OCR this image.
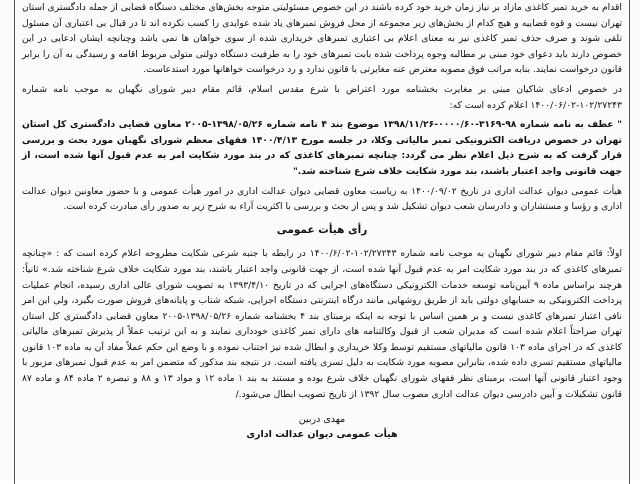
اقدام به خرید تمبر کاغذی مازاد بر نیاز زمان خرید خود کرده باشند در این خصوص مسئولیتی متوجه بخش‌های مختلف دستگاه قضایی از جمله دادگستری استان تهران نیست و قوه قضاییه و هیچ کدام از بخش‌های زیر مجموعه از محل فروش تمبرهای یاد شده عوایدی را کسب نکرده اند تا در قبال بی اعتباری آن مسئول تلقی شوند و صرف حذف تمبر کاغذی نیز به معنای اعلام بی اعتباری تمبرهای خریداری شده از سوی خواهان ها نمی باشد وچنانچه ایشان ادعایی در این خصوص دارند باید دعوای خود مبنی بر مطالبه وجوه پرداخت شده بابت تمبرهای خود را به طرفیت دستگاه دولتی متولی مربوط اقامه و رسیدگی به آن را برابر قانون درخواست نمایند. بنابه مراتب فوق مصوبه معترض عنه مغایرتی با قانون ندارد و رد درخواست خواهانها مورد استدعاست.

در خصوص ادعای شاکیان مبنی بر مغایرت بخشنامه مورد اعتراض با شرع مقدس اسلام، قائم مقام دبیر شورای نگهبان به موجب نامه شماره ۱۰۲/۲۷۲۴۳-۱۴۰۰/۰۶/۰۲ اعلام کرده است که:

" عطف به نامه شماره ۹۸-۳۱۶۹-۰۰۰۰/۶۰-۱۳۹۸/۱۱/۲۶ موضوع بند ۴ نامه شماره ۱۳۹۸/۰۵/۲۶-۲۰۰۵ معاون قضایی دادگستری کل استان تهران در خصوص دریافت الکترونیکی تمبر مالیاتی وکلا، در جلسه مورخ ۱۴۰۰/۴/۱۳ فقهای معظم شورای نگهبان مورد بحث و بررسی قرار گرفت که به شرح ذیل اعلام نظر می گردد: چنانچه تمبرهای کاغذی که در بند مورد شکایت امر به عدم قبول آنها شده است، از جهت قانونی واجد اعتبار باشند، بند مورد شکایت خلاف شرع شناخته شد."

هیأت عمومی دیوان عدالت اداری در تاریخ ۱۴۰۰/۰۹/۰۲ به ریاست معاون قضایی دیوان عدالت اداری در امور هیأت عمومی و با حضور معاونین دیوان عدالت اداری و رؤسا و مستشاران و دادرسان شعب دیوان تشکیل شد و پس از بحث و بررسی با اکثریت آراء به شرح زیر به صدور رأی مبادرت کرده است.

رأی هیأت عمومی

اولاً: قائم مقام دبیر شورای نگهبان به موجب نامه شماره ۱۰۲/۲۷۲۴۳-۱۴۰۰/۶/۰۲ در رابطه با جنبه شرعی شکایت مطروحه اعلام کرده است که : «چنانچه تمبرهای کاغذی که در بند مورد شکایت امر به عدم قبول آنها شده است، از جهت قانونی واجد اعتبار باشند، بند مورد شکایت خلاف شرع شناخته شد.» ثانیاً: هرچند براساس ماده ۹ آیین‌نامه توسعه خدمات الکترونیکی دستگاه‌های اجرایی که در تاریخ ۱۳۹۳/۴/۱۰ به تصویب شورای عالی اداری رسیده، انجام عملیات پرداخت الکترونیکی به حسابهای دولتی باید از طریق روشهایی مانند درگاه اینترنتی دستگاه اجرایی، شبکه شتاب و پایانه‌های فروش صورت بگیرد، ولی این امر نافی اعتبار تمبرهای کاغذی نیست و بر همین اساس با توجه به اینکه برمبنای بند ۴ بخشنامه شماره ۱۳۹۸/۰۵/۲۶-۲۰۰۵ معاون قضایی دادگستری کل استان تهران صراحتاً اعلام شده است که مدیران شعب از قبول وکالتنامه های دارای تمبر کاغذی خودداری نمایند و به این ترتیب عملاً از پذیرش تمبرهای مالیاتی کاغذی که در اجرای ماده ۱۰۳ قانون مالیاتهای مستقیم توسط وکلا خریداری و ابطال شده نیز اجتناب نموده و با وضع این حکم عملاً مفاد آن به ماده ۱۰۳ قانون مالیاتهای مستقیم تسری داده شده، بنابراین مصوبه مورد شکایت به دلیل تسری یافته است. در نتیجه بند مذکور که متضمن امر به عدم قبول تمبرهای مزبور با وجود اعتبار قانونی آنها است، برمبنای نظر فقهای شورای نگهبان خلاف شرع بوده و مستند به بند ۱ ماده ۱۲ و مواد ۱۳ و ۸۸ و تبصره ۲ ماده ۸۴ و ماده ۸۷ قانون تشکیلات و آیین دادرسی دیوان عدالت اداری مصوب سال ۱۳۹۲ از تاریخ تصویب ابطال می‌شود./

مهدی دربین
هیأت عمومی دیوان عدالت اداری
